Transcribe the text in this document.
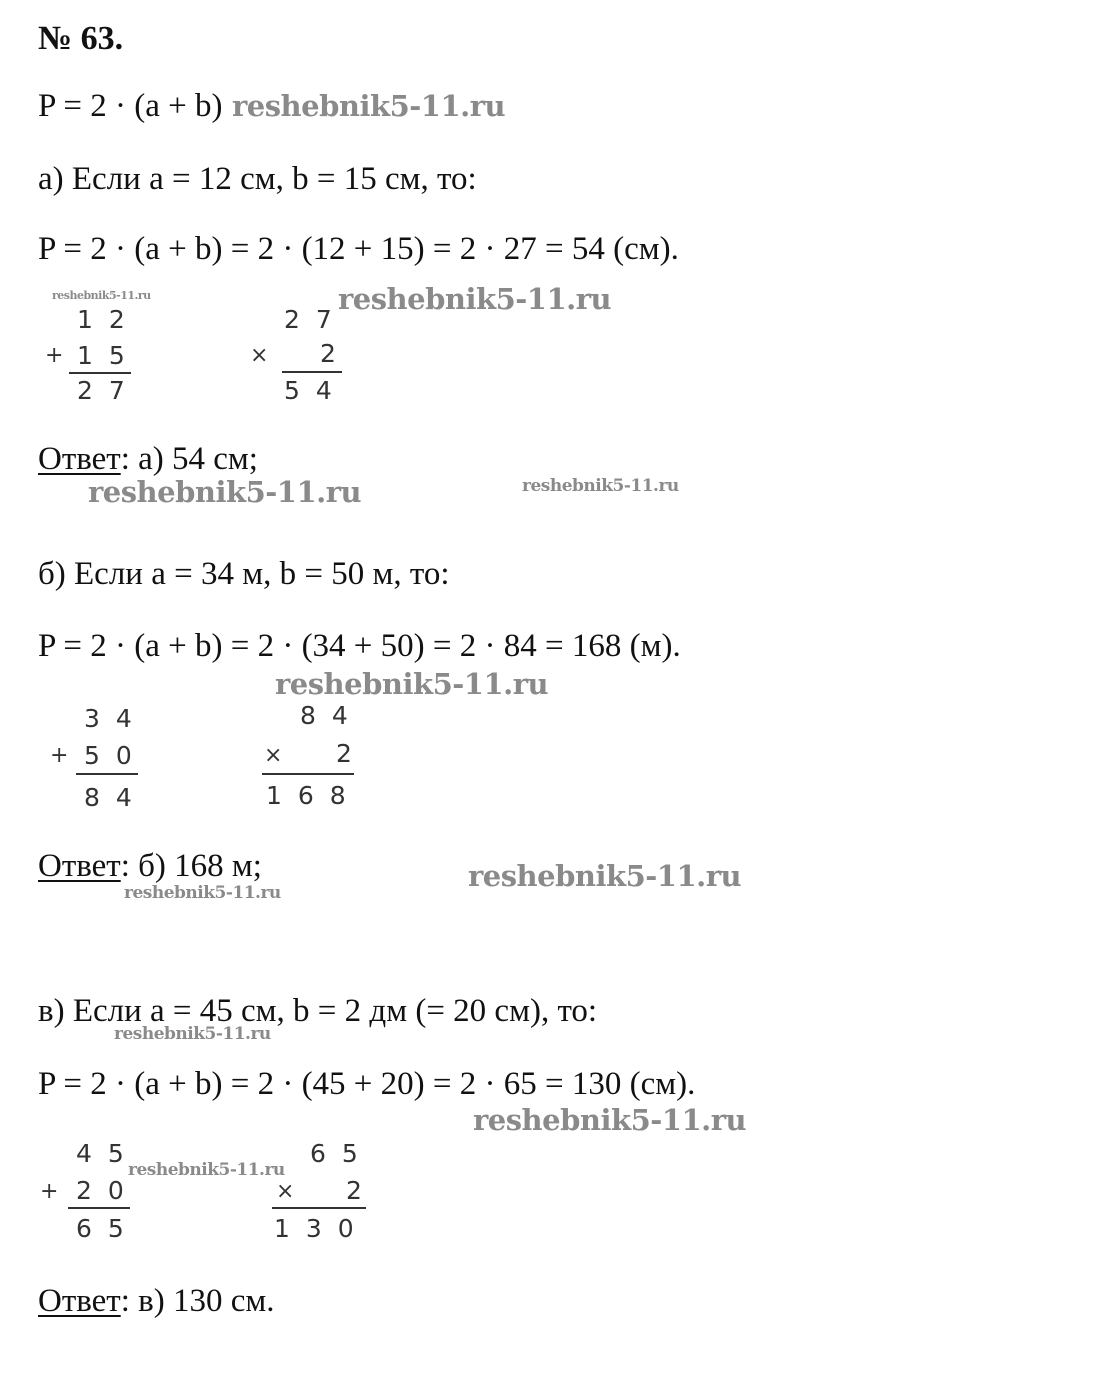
№ 63.
P = 2 · (a + b) reshebnik5-11.ru
а) Если a = 12 см, b = 15 см, то:
P = 2 · (a + b) = 2 · (12 + 15) = 2 · 27 = 54 (см).
reshebnik5-11.ru
1 2
+ 1 5
2 7
2 7
× 2
5 4
reshebnik5-11.ru
Ответ: а) 54 см;
reshebnik5-11.ru	reshebnik5-11.ru
б) Если a = 34 м, b = 50 м, то:
P = 2 · (a + b) = 2 · (34 + 50) = 2 · 84 = 168 (м).
reshebnik5-11.ru
3 4
+ 5 0
8 4
8 4
× 2
1 6 8
Ответ: б) 168 м;
reshebnik5-11.ru	reshebnik5-11.ru
в) Если a = 45 см, b = 2 дм (= 20 см), то:
reshebnik5-11.ru
P = 2 · (a + b) = 2 · (45 + 20) = 2 · 65 = 130 (см).
reshebnik5-11.ru
4 5
+ 2 0
6 5
reshebnik5-11.ru
6 5
× 2
1 3 0
Ответ: в) 130 см.
